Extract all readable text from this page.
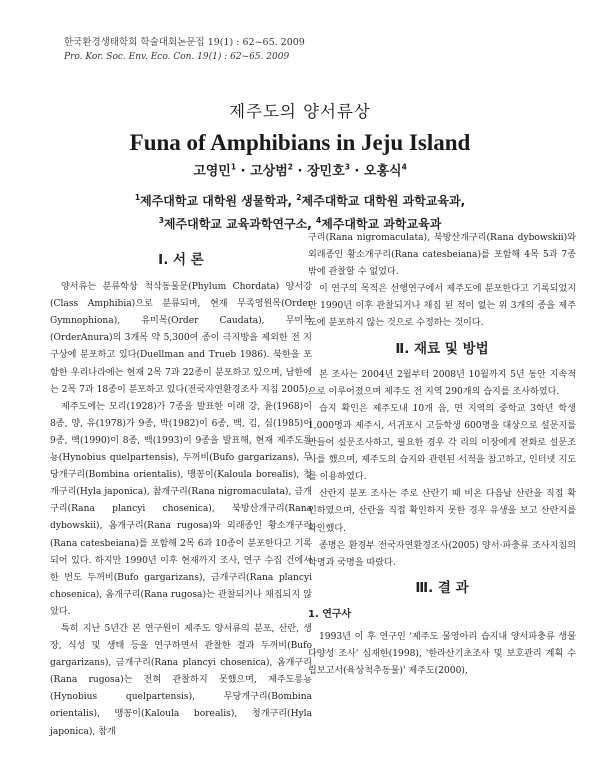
한국환경생태학회 학술대회논문집 19(1) : 62~65. 2009
Pro. Kor. Soc. Env. Eco. Con. 19(1) : 62~65. 2009
제주도의 양서류상
Funa of Amphibians in Jeju Island
고영민$^1$ · 고상범$^2$ · 장민호$^3$ · 오홍식$^4$
$^1$제주대학교 대학원 생물학과, $^2$제주대학교 대학원 과학교육과,
$^3$제주대학교 교육과학연구소, $^4$제주대학교 과학교육과
Ⅰ. 서 론

양서류는 분류학상 척삭동물문(Phylum Chordata) 양서강(Class Amphibia)으로 분류되며, 현재 무족영원목(Order Gymnophiona), 유미목(Order Caudata), 무미목(OrderAnura)의 3개목 약 5,300여 종이 극지방을 제외한 전 지구상에 분포하고 있다(Duellman and Trueb 1986). 북한을 포함한 우리나라에는 현재 2목 7과 22종이 분포하고 있으며, 남한에는 2목 7과 18종이 분포하고 있다(전국자연환경조사 지침 2005).

제주도에는 모리(1928)가 7종을 발표한 이래 강, 윤(1968)이 8종, 양, 유(1978)가 9종, 박(1982)이 6종, 백, 김, 심(1985)이 9종, 백(1990)이 8종, 백(1993)이 9종을 발표해, 현재 제주도롱뇽(Hynobius quelpartensis), 두꺼비(Bufo gargarizans), 무당개구리(Bombina orientalis), 맹꽁이(Kaloula borealis), 청개구리(Hyla japonica), 참개구리(Rana nigromaculata), 금개구리(Rana plancyi chosenica), 북방산개구리(Rana dybowskii), 옴개구리(Rana rugosa)와 외래종인 황소개구리(Rana catesbeiana)를 포함해 2목 6과 10종이 분포한다고 기록되어 있다. 하지만 1990년 이후 현재까지 조사, 연구 수집 건에서 한 번도 두꺼비(Bufo gargarizans), 금개구리(Rana plancyi chosenica), 옴개구리(Rana rugosa)는 관찰되거나 채집되지 않았다.

특히 지난 5년간 본 연구원이 제주도 양서류의 분포, 산란, 생장, 식성 및 생태 등을 연구하면서 관찰한 결과 두꺼비(Bufo gargarizans), 금개구리(Rana plancyi chosenica), 옴개구리(Rana rugosa)는 전혀 관찰하지 못했으며, 제주도롱뇽(Hynobius quelpartensis), 무당개구리(Bombina orientalis), 맹꽁이(Kaloula borealis), 청개구리(Hyla japonica), 참개

구리(Rana nigromaculata), 북방산개구리(Rana dybowskii)와 외래종인 황소개구리(Rana catesbeiana)를 포함해 4목 5과 7종밖에 관찰할 수 없었다.

이 연구의 목적은 선행연구에서 제주도에 분포한다고 기록되었지만 1990년 이후 관찰되거나 채집 된 적이 없는 위 3개의 종을 제주도에 분포하지 않는 것으로 수정하는 것이다.

Ⅱ. 재료 및 방법

본 조사는 2004년 2월부터 2008년 10월까지 5년 동안 지속적으로 이루어졌으며 제주도 전 지역 290개의 습지를 조사하였다.

습지 확인은 제주도내 10개 읍, 면 지역의 중학교 3학년 학생 1,000명과 제주시, 서귀포시 고등학생 600명을 대상으로 설문지를 만들어 설문조사하고, 필요한 경우 각 리의 이장에게 전화로 설문조사를 했으며, 제주도의 습지와 관련된 서적을 참고하고, 인터넷 지도를 이용하였다.

산란지 분포 조사는 주로 산란기 때 비온 다음날 산란을 직접 확인하였으며, 산란을 직접 확인하지 못한 경우 유생을 보고 산란지를 확인했다.

종명은 환경부 전국자연환경조사(2005) 양서·파충류 조사지침의 학명과 국명을 따랐다.

Ⅲ. 결 과
1. 연구사

1993년 이 후 연구인 '제주도 물영아리 습지내 양서파충류 생물 다양성 조사' 심재한(1998), '한라산기초조사 및 보호관리 계획 수립보고서(육상척추동물)' 제주도(2000),
